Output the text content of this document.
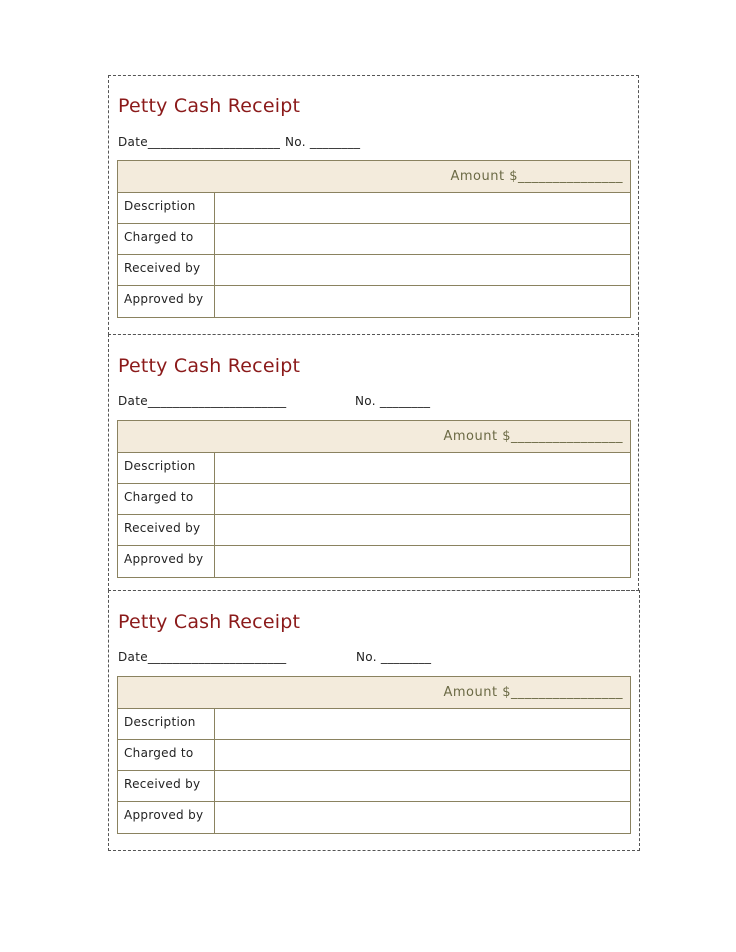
Petty Cash Receipt
Date_____________________ No. ________
Amount $_______________
Description
Charged to
Received by
Approved by
Petty Cash Receipt
Date______________________	No. ________
Amount $________________
Description
Charged to
Received by
Approved by
Petty Cash Receipt
Date______________________	No. ________
Amount $________________
Description
Charged to
Received by
Approved by
